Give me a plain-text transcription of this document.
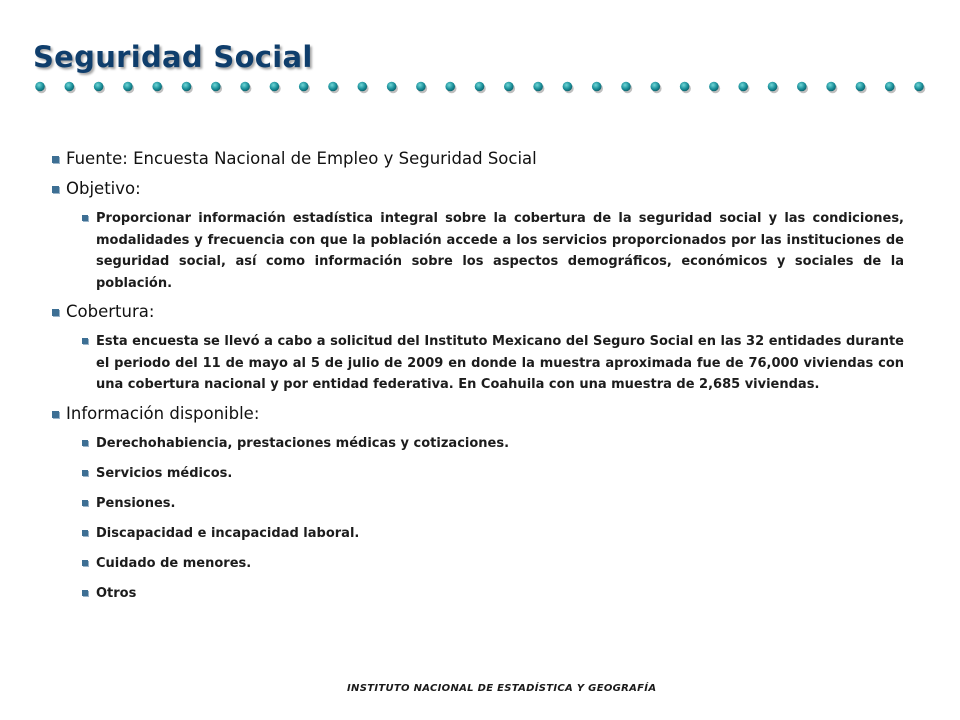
Seguridad Social
Fuente: Encuesta Nacional de Empleo y Seguridad Social
Objetivo:
Proporcionar información estadística integral sobre la cobertura de la seguridad social y las condiciones, modalidades y frecuencia con que la población accede a los servicios proporcionados por las instituciones de seguridad social, así como información sobre los aspectos demográficos, económicos y sociales de la población.
Cobertura:
Esta encuesta se llevó a cabo a solicitud del Instituto Mexicano del Seguro Social en las 32 entidades durante el periodo del 11 de mayo al 5 de julio de 2009 en donde la muestra aproximada fue de 76,000 viviendas con una cobertura nacional y por entidad federativa. En Coahuila con una muestra de 2,685 viviendas.
Información disponible:
Derechohabiencia, prestaciones médicas y cotizaciones.
Servicios médicos.
Pensiones.
Discapacidad e incapacidad laboral.
Cuidado de menores.
Otros
INSTITUTO NACIONAL DE ESTADÍSTICA Y GEOGRAFÍA
